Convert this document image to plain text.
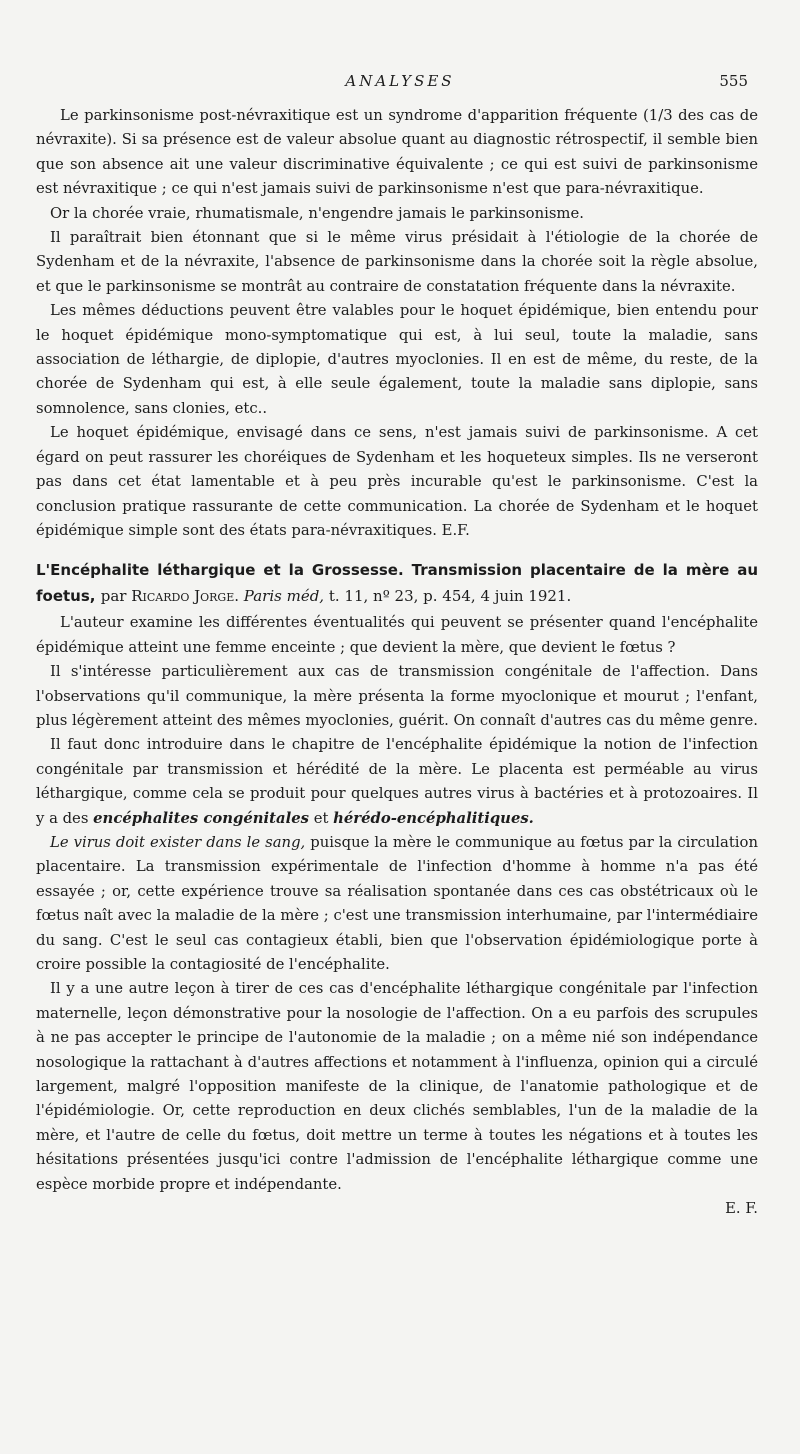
ANALYSES	555

Le parkinsonisme post-névraxitique est un syndrome d'apparition fréquente (1/3 des cas de névraxite). Si sa présence est de valeur absolue quant au diagnostic rétrospectif, il semble bien que son absence ait une valeur discriminative équivalente ; ce qui est suivi de parkinsonisme est névraxitique ; ce qui n'est jamais suivi de parkinsonisme n'est que para-névraxitique.

Or la chorée vraie, rhumatismale, n'engendre jamais le parkinsonisme.

Il paraîtrait bien étonnant que si le même virus présidait à l'étiologie de la chorée de Sydenham et de la névraxite, l'absence de parkinsonisme dans la chorée soit la règle absolue, et que le parkinsonisme se montrât au contraire de constatation fréquente dans la névraxite.

Les mêmes déductions peuvent être valables pour le hoquet épidémique, bien entendu pour le hoquet épidémique mono-symptomatique qui est, à lui seul, toute la maladie, sans association de léthargie, de diplopie, d'autres myoclonies. Il en est de même, du reste, de la chorée de Sydenham qui est, à elle seule également, toute la maladie sans diplopie, sans somnolence, sans clonies, etc..

Le hoquet épidémique, envisagé dans ce sens, n'est jamais suivi de parkinsonisme. A cet égard on peut rassurer les choréiques de Sydenham et les hoqueteux simples. Ils ne verseront pas dans cet état lamentable et à peu près incurable qu'est le parkinsonisme. C'est la conclusion pratique rassurante de cette communication. La chorée de Sydenham et le hoquet épidémique simple sont des états para-névraxitiques. E.F.

L'Encéphalite léthargique et la Grossesse. Transmission placentaire de la mère au foetus, par Ricardo Jorge. Paris méd, t. 11, nº 23, p. 454, 4 juin 1921.

L'auteur examine les différentes éventualités qui peuvent se présenter quand l'encéphalite épidémique atteint une femme enceinte ; que devient la mère, que devient le fœtus ?

Il s'intéresse particulièrement aux cas de transmission congénitale de l'affection. Dans l'observations qu'il communique, la mère présenta la forme myoclonique et mourut ; l'enfant, plus légèrement atteint des mêmes myoclonies, guérit. On connaît d'autres cas du même genre.

Il faut donc introduire dans le chapitre de l'encéphalite épidémique la notion de l'infection congénitale par transmission et hérédité de la mère. Le placenta est perméable au virus léthargique, comme cela se produit pour quelques autres virus à bactéries et à protozoaires. Il y a des encéphalites congénitales et hérédo-encéphalitiques.

Le virus doit exister dans le sang, puisque la mère le communique au fœtus par la circulation placentaire. La transmission expérimentale de l'infection d'homme à homme n'a pas été essayée ; or, cette expérience trouve sa réalisation spontanée dans ces cas obstétricaux où le fœtus naît avec la maladie de la mère ; c'est une transmission interhumaine, par l'intermédiaire du sang. C'est le seul cas contagieux établi, bien que l'observation épidémiologique porte à croire possible la contagiosité de l'encéphalite.

Il y a une autre leçon à tirer de ces cas d'encéphalite léthargique congénitale par l'infection maternelle, leçon démonstrative pour la nosologie de l'affection. On a eu parfois des scrupules à ne pas accepter le principe de l'autonomie de la maladie ; on a même nié son indépendance nosologique la rattachant à d'autres affections et notamment à l'influenza, opinion qui a circulé largement, malgré l'opposition manifeste de la clinique, de l'anatomie pathologique et de l'épidémiologie. Or, cette reproduction en deux clichés semblables, l'un de la maladie de la mère, et l'autre de celle du fœtus, doit mettre un terme à toutes les négations et à toutes les hésitations présentées jusqu'ici contre l'admission de l'encéphalite léthargique comme une espèce morbide propre et indépendante.

E. F.
